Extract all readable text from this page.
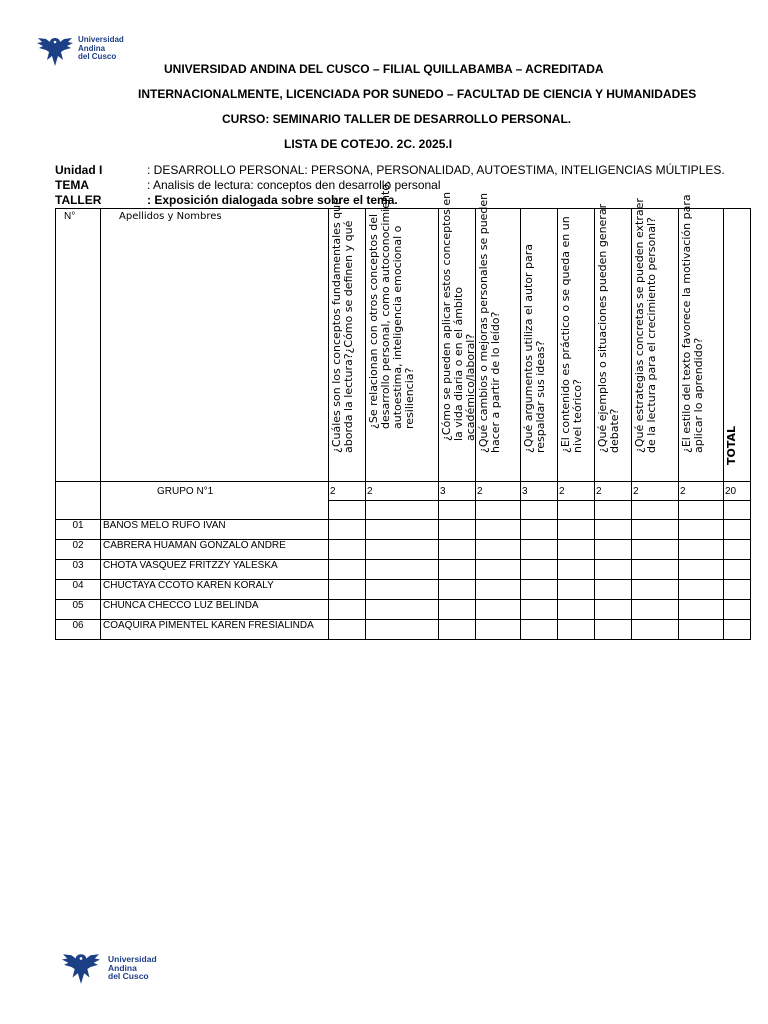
Universidad
Andina
del Cusco
UNIVERSIDAD ANDINA DEL CUSCO – FILIAL QUILLABAMBA – ACREDITADA
INTERNACIONALMENTE, LICENCIADA POR SUNEDO – FACULTAD DE CIENCIA Y HUMANIDADES
CURSO: SEMINARIO TALLER DE DESARROLLO PERSONAL.
LISTA DE COTEJO. 2C. 2025.I
Unidad I	: DESARROLLO PERSONAL: PERSONA, PERSONALIDAD, AUTOESTIMA, INTELIGENCIAS MÚLTIPLES.
TEMA	: Analisis de lectura: conceptos den desarrollo personal
TALLER	: Exposición dialogada sobre sobre el tema.
N°	Apellidos y Nombres	¿Cuáles son los conceptos fundamentales que aborda la lectura?¿Cómo se definen y qué	¿Se relacionan con otros conceptos del desarrollo personal, como autoconocimiento, autoestima, inteligencia emocional o resiliencia?	¿Cómo se pueden aplicar estos conceptos en la vida diaria o en el ámbito académico/laboral?	¿Qué cambios o mejoras personales se pueden hacer a partir de lo leído?	¿Qué argumentos utiliza el autor para respaldar sus ideas?	¿El contenido es práctico o se queda en un nivel teórico?	¿Qué ejemplos o situaciones pueden generar debate?	¿Qué estrategias concretas se pueden extraer de la lectura para el crecimiento personal?	¿El estilo del texto favorece la motivación para aplicar lo aprendido?	TOTAL

	GRUPO N°1	2	2	3	2	3	2	2	2	2	20

01	BAÑOS MELO RUFO IVAN										
02	CABRERA HUAMAN GONZALO ANDRE										
03	CHOTA VASQUEZ FRITZZY YALESKA										
04	CHUCTAYA CCOTO KAREN KORALY										
05	CHUNCA CHECCO LUZ BELINDA										
06	COAQUIRA PIMENTEL KAREN FRESIALINDA										
Universidad
Andina
del Cusco
